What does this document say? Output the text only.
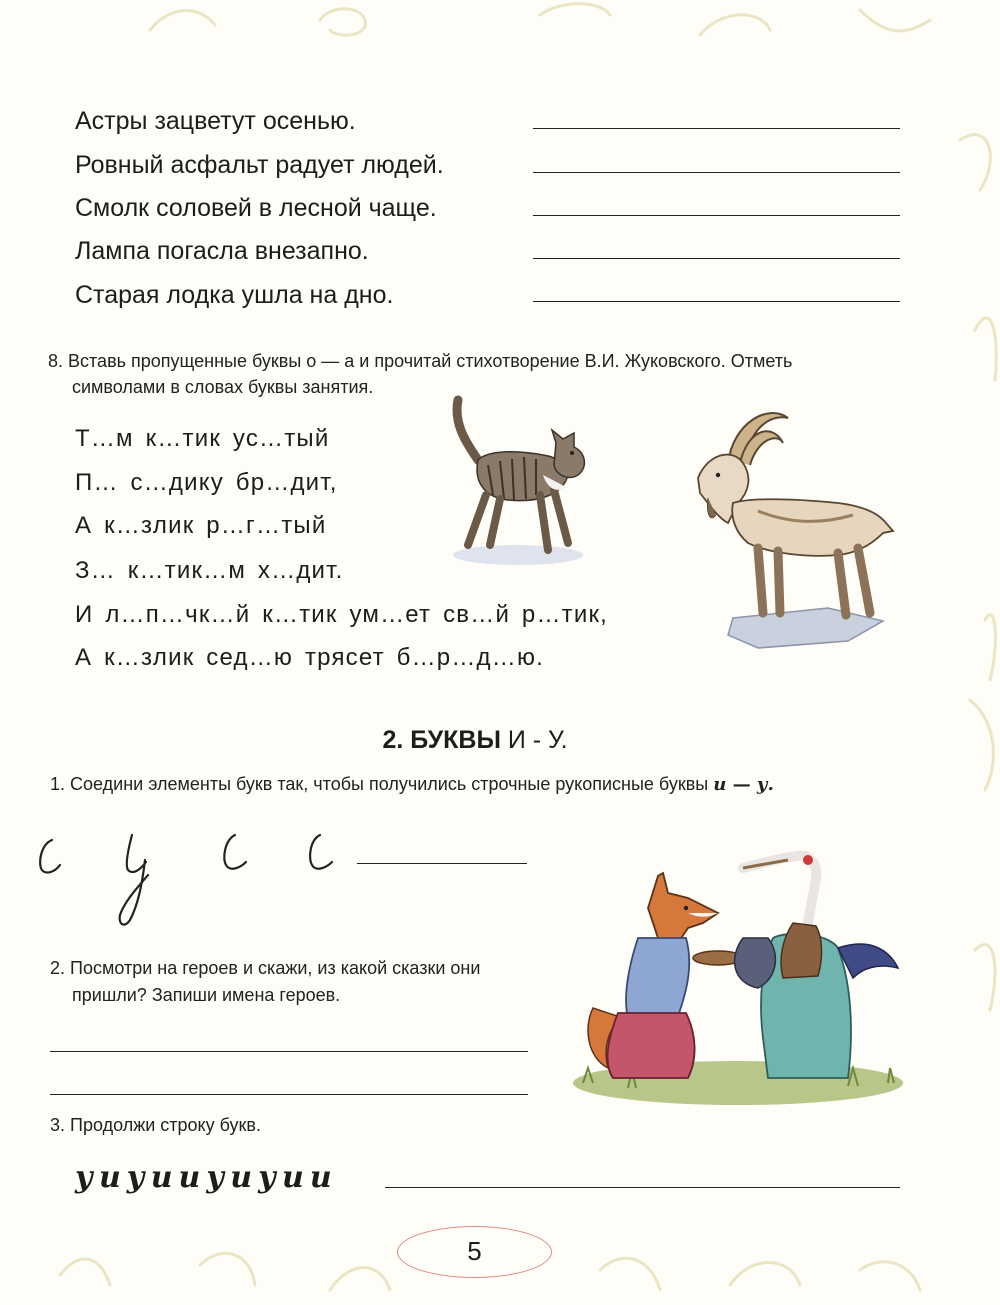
Астры зацветут осенью.
Ровный асфальт радует людей.
Смолк соловей в лесной чаще.
Лампа погасла внезапно.
Старая лодка ушла на дно.
8. Вставь пропущенные буквы о — а и прочитай стихотворение В.И. Жуковского. Отметь
символами в словах буквы занятия.
Т…м к…тик ус…тый
П… с…дику бр…дит,
А к…злик р…г…тый
З… к…тик…м х…дит.
И л…п…чк…й к…тик ум…ет св…й р…тик,
А к…злик сед…ю трясет б…р…д…ю.
2. БУКВЫ И - У.
1. Соедини элементы букв так, чтобы получились строчные рукописные буквы и — у.
2. Посмотри на героев и скажи, из какой сказки они
пришли? Запиши имена героев.
3. Продолжи строку букв.
уиуииуиуии
5
